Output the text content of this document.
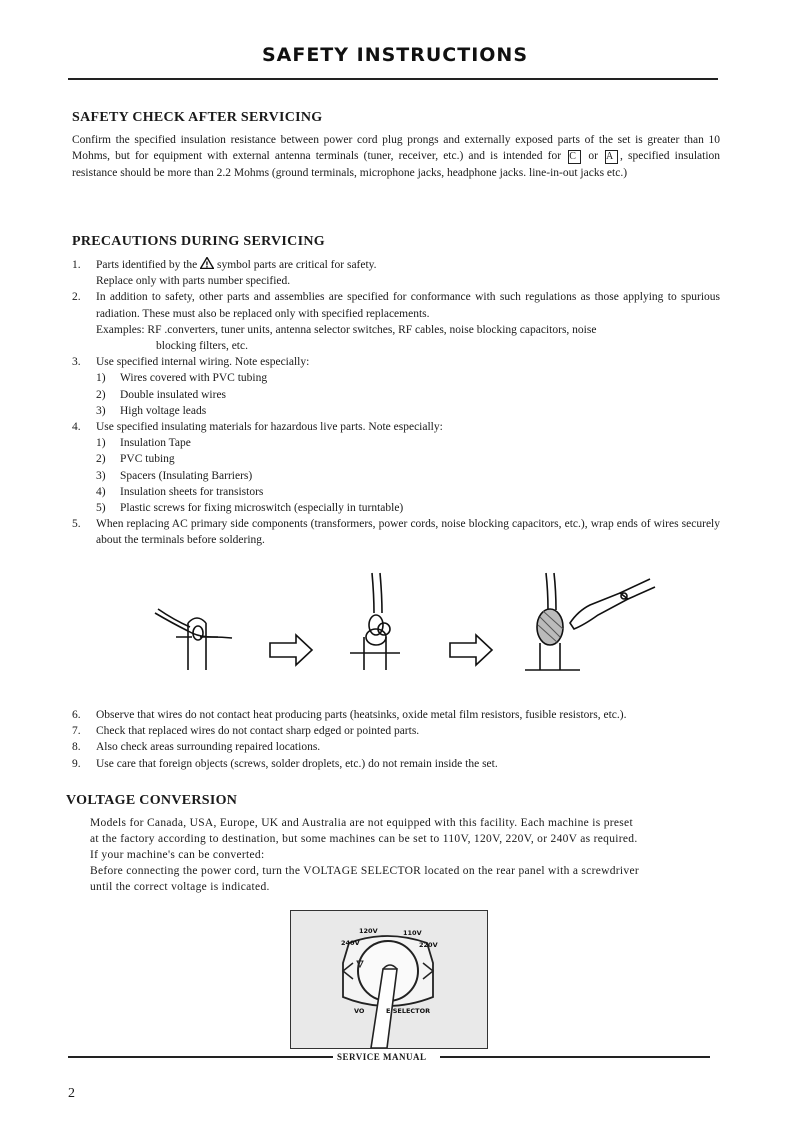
SAFETY INSTRUCTIONS
SAFETY CHECK AFTER SERVICING
Confirm the specified insulation resistance between power cord plug prongs and externally exposed parts of the set is greater than 10 Mohms, but for equipment with external antenna terminals (tuner, receiver, etc.) and is intended for C or A , specified insulation resistance should be more than 2.2 Mohms (ground terminals, microphone jacks, headphone jacks. line-in-out jacks etc.)
PRECAUTIONS DURING SERVICING
1. Parts identified by the ! symbol parts are critical for safety.
Replace only with parts number specified.
2. In addition to safety, other parts and assemblies are specified for conformance with such regulations as those applying to spurious radiation. These must also be replaced only with specified replacements.
Examples: RF .converters, tuner units, antenna selector switches, RF cables, noise blocking capacitors, noise
blocking filters, etc.
3. Use specified internal wiring. Note especially:
1) Wires covered with PVC tubing
2) Double insulated wires
3) High voltage leads
4. Use specified insulating materials for hazardous live parts. Note especially:
1) Insulation Tape
2) PVC tubing
3) Spacers (Insulating Barriers)
4) Insulation sheets for transistors
5) Plastic screws for fixing microswitch (especially in turntable)
5. When replacing AC primary side components (transformers, power cords, noise blocking capacitors, etc.), wrap ends of wires securely about the terminals before soldering.
6. Observe that wires do not contact heat producing parts (heatsinks, oxide metal film resistors, fusible resistors, etc.).
7. Check that replaced wires do not contact sharp edged or pointed parts.
8. Also check areas surrounding repaired locations.
9. Use care that foreign objects (screws, solder droplets, etc.) do not remain inside the set.
VOLTAGE CONVERSION
Models for Canada, USA, Europe, UK and Australia are not equipped with this facility. Each machine is preset
at the factory according to destination, but some machines can be set to 110V, 120V, 220V, or 240V as required.
If your machine's can be converted:
Before connecting the power cord, turn the VOLTAGE SELECTOR located on the rear panel with a screwdriver
until the correct voltage is indicated.
120V	110V
240V	220V
VO	E SELECTOR
SERVICE MANUAL
2
